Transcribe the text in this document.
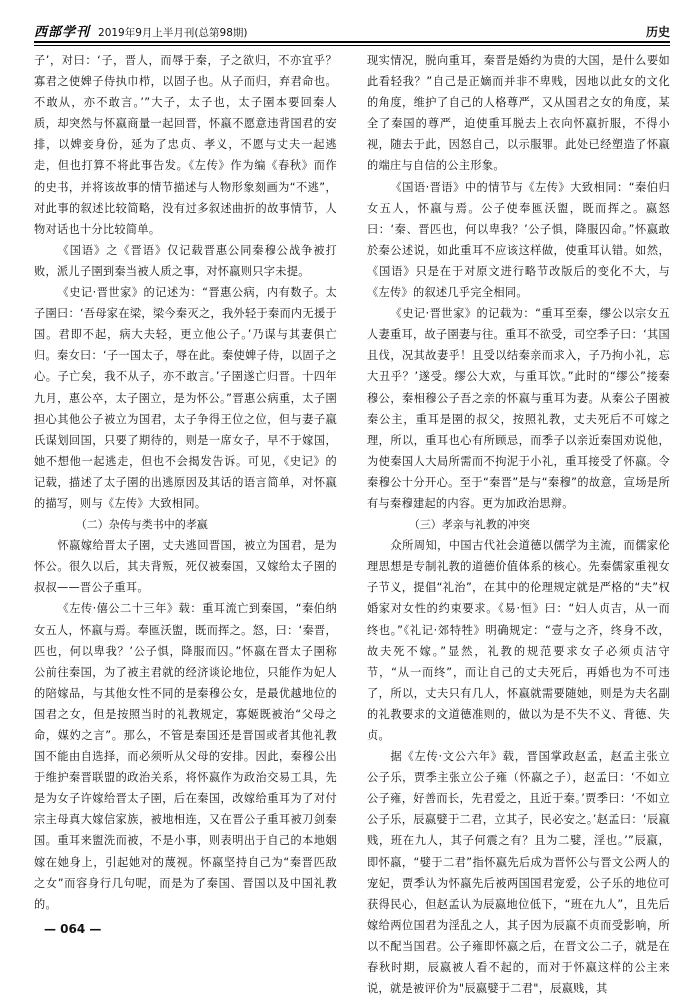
西部学刊 2019年9月上半月刊(总第98期)	历史

子’，对曰：‘子，晋人，而辱于秦，子之欲归，不亦宜乎？寡君之使婢子侍执巾栉，以固子也。从子而归，弃君命也。不敢从，亦不敢言。’”大子，太子也，太子圉本要回秦人质，却突然与怀嬴商量一起回晋，怀嬴不愿意违背国君的安排，以婢妾身份，延为了忠贞、孝义，不愿与丈夫一起逃走，但也打算不将此事告发。《左传》作为编《春秋》而作的史书，并将该故事的情节描述与人物形象刻画为“不逃”，对此事的叙述比较简略，没有过多叙述曲折的故事情节，人物对话也十分比较简单。

《国语》之《晋语》仅记载晋惠公同秦穆公战争被打败，派儿子圉到秦当被人质之事，对怀嬴则只字未提。

《史记·晋世家》的记述为：“晋惠公病，内有数子。太子圉曰：‘吾母家在梁，梁今秦灭之，我外轻于秦而内无援于国。君即不起，病大夫轻，更立他公子。’乃谋与其妻俱亡归。秦女曰：‘子一国太子，辱在此。秦使婢子侍，以固子之心。子亡矣，我不从子，亦不敢言。’子圉遂亡归晋。十四年九月，惠公卒，太子圉立，是为怀公。”晋惠公病重，太子圉担心其他公子被立为国君，太子争得王位之位，但与妻子嬴氏谋划回国，只要了期待的，则是一席女子，早不于嫁国，她不想他一起逃走，但也不会揭发告诉。可见，《史记》的记载，描述了太子圉的出逃原因及其话的语言简单，对怀嬴的描写，则与《左传》大致相同。

（二）杂传与类书中的孝嬴

怀嬴嫁给晋太子圉，丈夫逃回晋国，被立为国君，是为怀公。很久以后，其夫背叛，死仅被秦国，又嫁给太子圉的叔叔——晋公子重耳。

《左传·僖公二十三年》载：重耳流亡到秦国，“秦伯纳女五人，怀嬴与焉。奉匜沃盥，既而挥之。怒，曰：‘秦晋，匹也，何以卑我？’公子惧，降服而囚。”怀嬴在晋太子圉称公前往秦国，为了被主君就的经济谈论地位，只能作为妃人的陪嫁品，与其他女性不同的是秦穆公女，是最优越地位的国君之女，但是按照当时的礼教规定，寡姬既被治“父母之命，媒妁之言”。那么，不管是秦国还是晋国或者其他礼教国不能由自选择，而必须听从父母的安排。因此，秦穆公出于维护秦晋联盟的政治关系，将怀嬴作为政治交易工具，先是为女子许嫁给晋太子圉，后在秦国，改嫁给重耳为了对付宗主母真大嫁信家族，被地相连，又在晋公子重耳被刀剑秦国。重耳来盥洗而被，不是小事，则表明出于自己的本地姻嫁在她身上，引起她对的蔑视。怀嬴坚持自己为“秦晋匹敌之女”而容身行几句呢，而是为了秦国、晋国以及中国礼教的。

现实情况，脱向重耳，秦晋是婚约为贵的大国，是什么要如此看轻我？”自己是正嫡而并非不卑贱，因地以此女的文化的角度，维护了自己的人格尊严，又从国君之女的角度，某全了秦国的尊严，迫使重耳脱去上衣向怀嬴折服，不得小视，随去于此，因怒自己，以示服罪。此处已经塑造了怀嬴的端庄与自信的公主形象。

《国语·晋语》中的情节与《左传》大致相同：“秦伯归女五人，怀嬴与焉。公子使奉匜沃盥，既而挥之。嬴怒曰：‘秦、晋匹也，何以卑我？’公子惧，降服囚命。”怀嬴敢於秦公述说，如此重耳不应该这样做，使重耳认错。如然，《国语》只是在于对原文进行略节改版后的变化不大，与《左传》的叙述几乎完全相同。

《史记·晋世家》的记载为：“重耳至秦，缪公以宗女五人妻重耳，故子圉妻与往。重耳不欲受，司空季子曰：‘其国且伐，况其故妻乎！且受以结秦亲而求入，子乃拘小礼，忘大丑乎？’遂受。缪公大欢，与重耳饮。”此时的“缪公”接秦穆公，秦相穆公子吾之亲的怀嬴与重耳为妻。从秦公子圉被秦公主，重耳是圉的叔父，按照礼教，丈夫死后不可嫁之理，所以，重耳也心有所顾忌，而季子以亲近秦国劝说他，为使秦国人大局所需而不拘泥于小礼，重耳接受了怀嬴。令秦穆公十分开心。至于“秦晋”是与“秦穆”的故意，宣场是所有与秦穆建起的内容。更为加政治思辩。

（三）孝亲与礼教的冲突

众所周知，中国古代社会道德以儒学为主流，而儒家伦理思想是专制礼教的道德价值体系的核心。先秦儒家重视女子节义，提倡“礼治”，在其中的伦理规定就是严格的“夫”权婚家对女性的约束要求。《易·恒》曰：“妇人贞吉，从一而终也。”《礼记·郊特牲》明确规定：“壹与之齐，终身不改，故夫死不嫁。”显然，礼教的规范要求女子必须贞洁守节，“从一而终”，而让自己的丈夫死后，再婚也为不可违了，所以，丈夫只有几人，怀嬴就需要随她，则是为夫名副的礼教要求的文道德准则的，做以为是不失不义、背德、失贞。

据《左传·文公六年》载，晋国掌政赵孟，赵孟主张立公子乐，贾季主张立公子雍（怀嬴之子），赵孟曰：‘不如立公子雍，好善而长，先君爱之，且近于秦。’贾季曰：‘不如立公子乐，辰嬴嬖于二君，立其子，民必安之。’赵孟曰：‘辰嬴贱，班在九人，其子何震之有？且为二嬖，淫也。’”辰嬴，即怀嬴，“嬖于二君”指怀嬴先后成为晋怀公与晋文公两人的宠妃，贾季认为怀嬴先后被两国国君宠爱，公子乐的地位可获得民心，但赵孟认为辰嬴地位低下，“班在九人”，且先后嫁给两位国君为淫乱之人，其子因为辰嬴不贞而受影响，所以不配当国君。公子雍即怀嬴之后，在晋文公二子，就是在春秋时期，辰嬴被人看不起的，而对于怀嬴这样的公主来说，就是被评价为"辰嬴嬖于二君"，辰嬴贱，其

— 064 —
